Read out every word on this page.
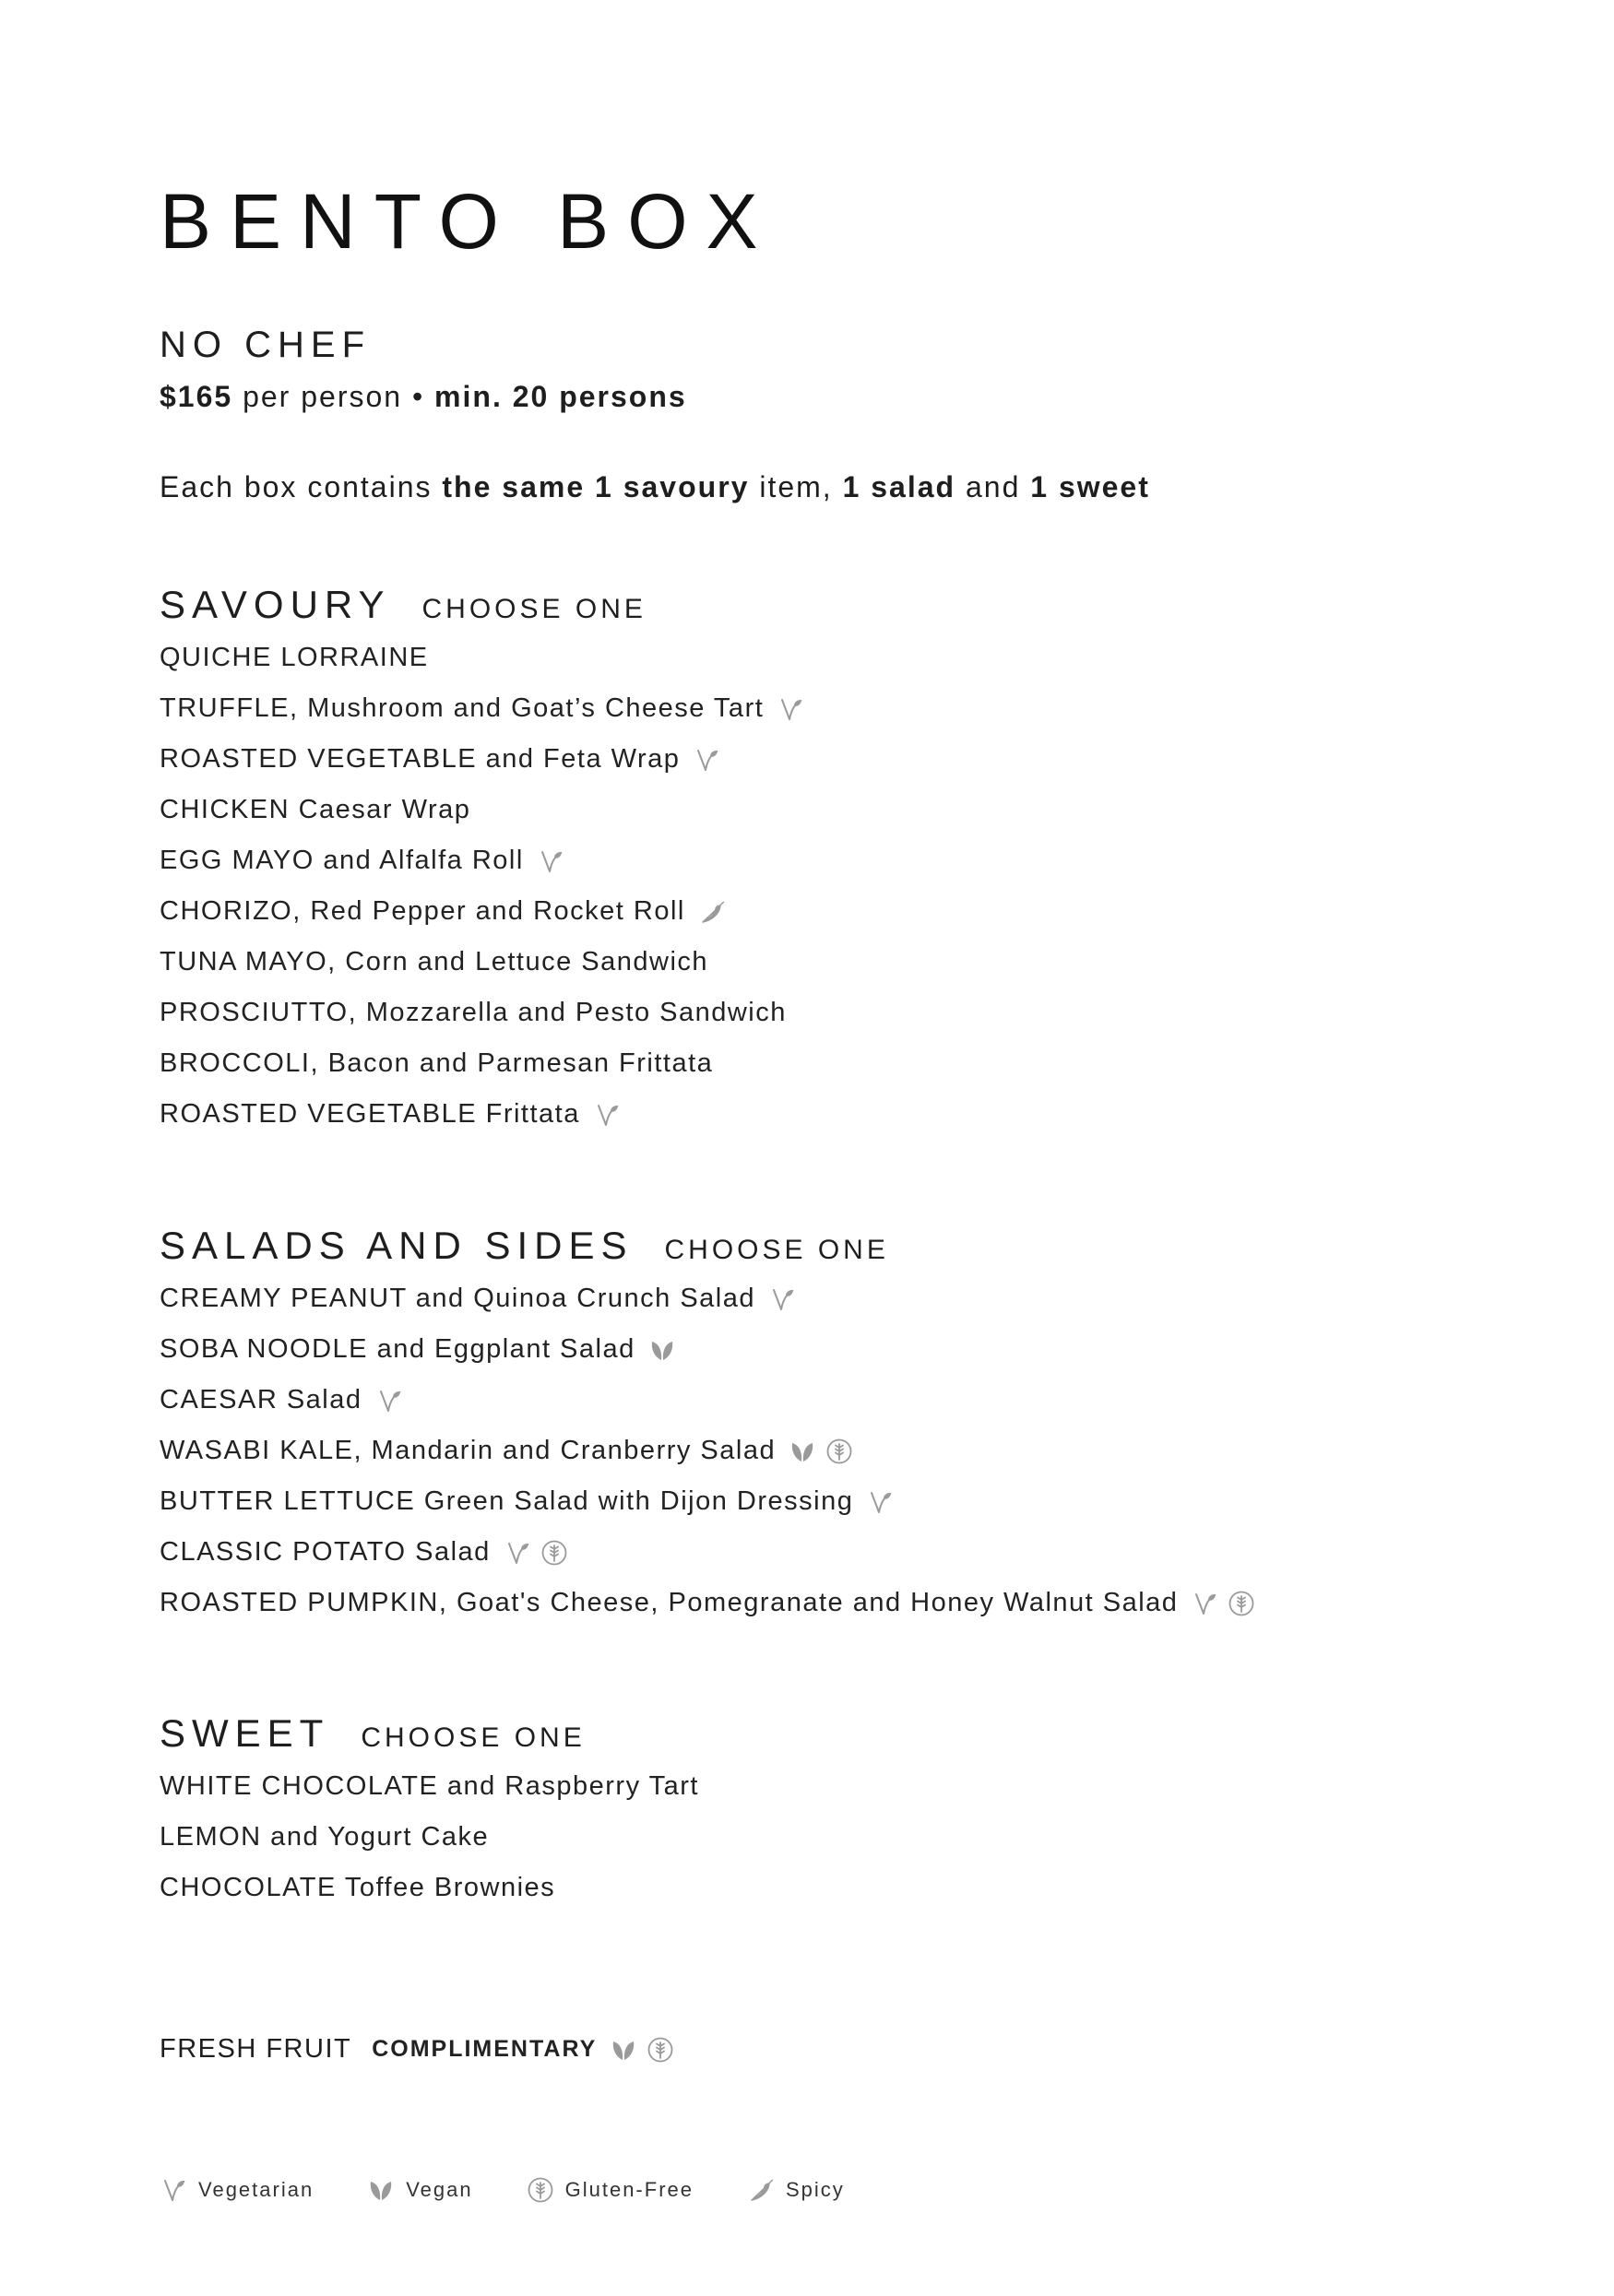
BENTO BOX
NO CHEF
$165 per person • min. 20 persons
Each box contains the same 1 savoury item, 1 salad and 1 sweet
SAVOURY CHOOSE ONE
QUICHE LORRAINE
TRUFFLE, Mushroom and Goat’s Cheese Tart
ROASTED VEGETABLE and Feta Wrap
CHICKEN Caesar Wrap
EGG MAYO and Alfalfa Roll
CHORIZO, Red Pepper and Rocket Roll
TUNA MAYO, Corn and Lettuce Sandwich
PROSCIUTTO, Mozzarella and Pesto Sandwich
BROCCOLI, Bacon and Parmesan Frittata
ROASTED VEGETABLE Frittata
SALADS AND SIDES CHOOSE ONE
CREAMY PEANUT and Quinoa Crunch Salad
SOBA NOODLE and Eggplant Salad
CAESAR Salad
WASABI KALE, Mandarin and Cranberry Salad
BUTTER LETTUCE Green Salad with Dijon Dressing
CLASSIC POTATO Salad
ROASTED PUMPKIN, Goat's Cheese, Pomegranate and Honey Walnut Salad
SWEET CHOOSE ONE
WHITE CHOCOLATE and Raspberry Tart
LEMON and Yogurt Cake
CHOCOLATE Toffee Brownies
FRESH FRUIT COMPLIMENTARY
Vegetarian	Vegan	Gluten-Free	Spicy
